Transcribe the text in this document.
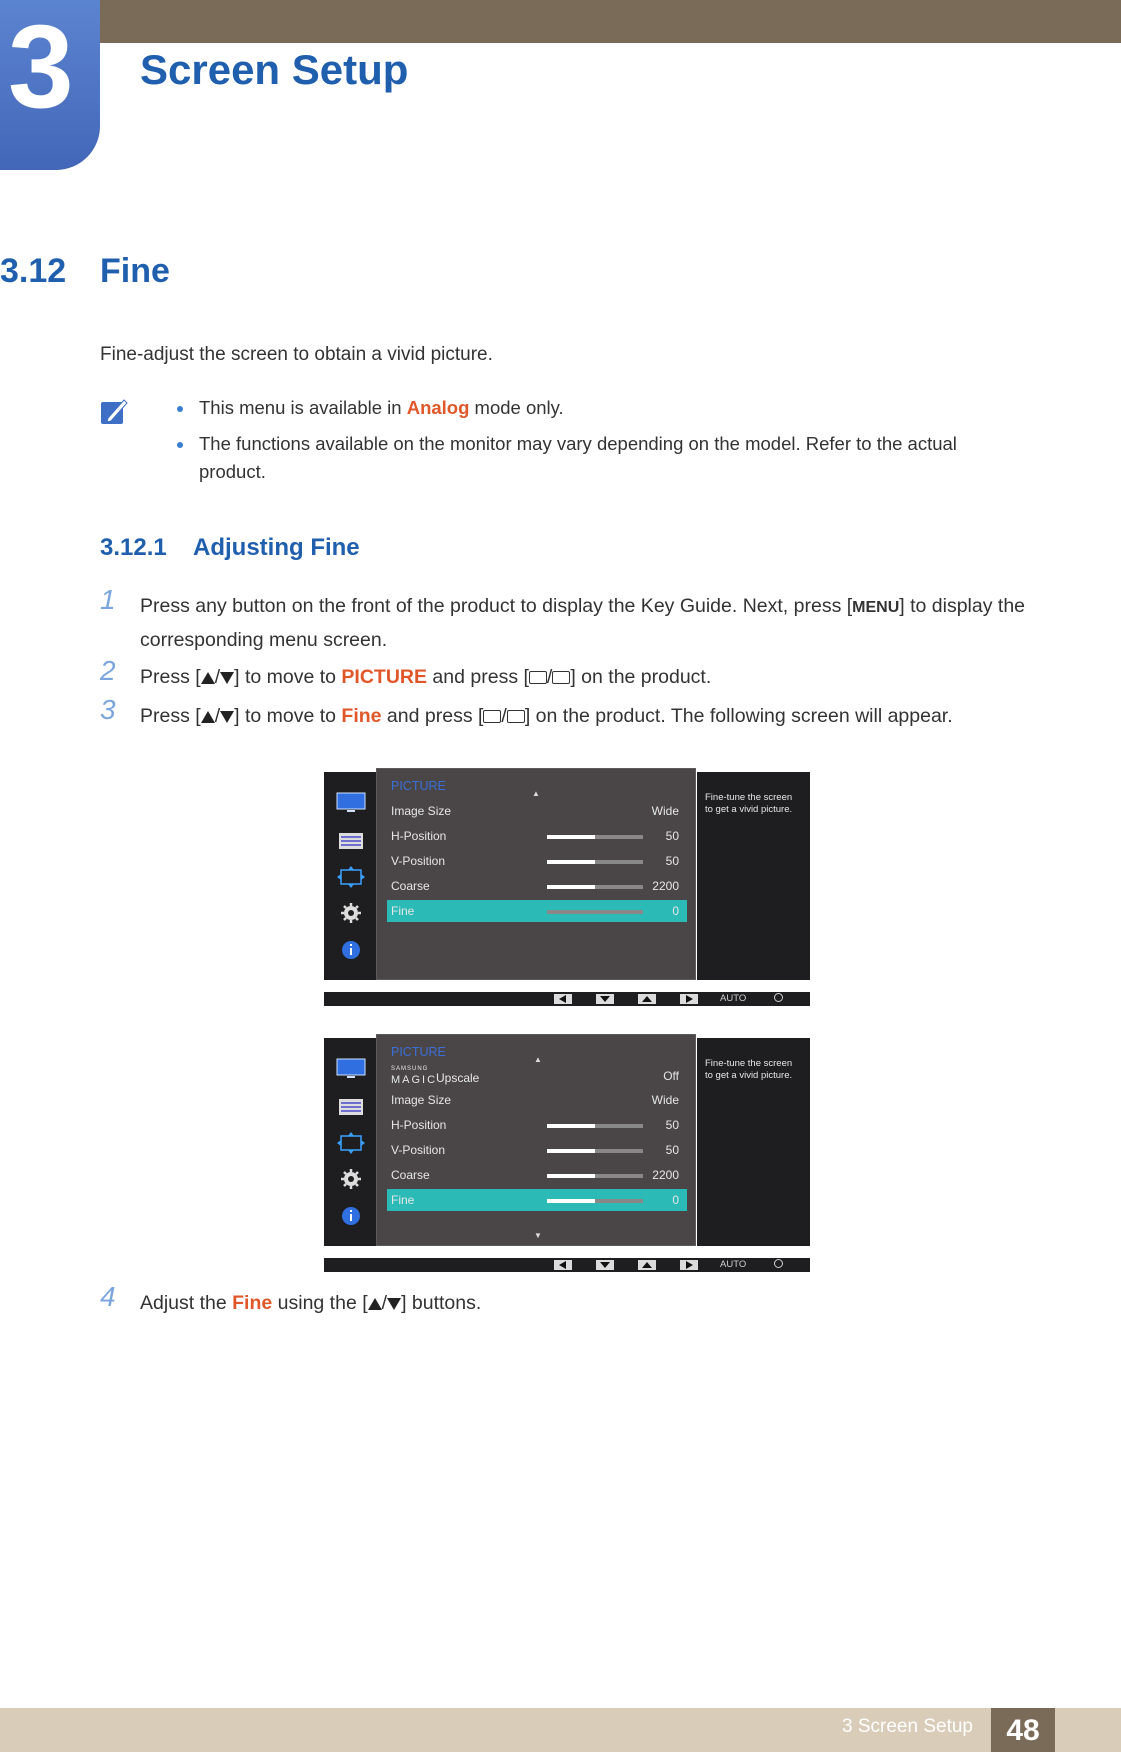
3 Screen Setup
3.12 Fine
Fine-adjust the screen to obtain a vivid picture.
This menu is available in Analog mode only.
The functions available on the monitor may vary depending on the model. Refer to the actual product.
3.12.1 Adjusting Fine
1 Press any button on the front of the product to display the Key Guide. Next, press [MENU] to display the corresponding menu screen.
2 Press [ / ] to move to PICTURE and press [ / ] on the product.
3 Press [ / ] to move to Fine and press [ / ] on the product. The following screen will appear.
PICTURE
▲
Image Size	Wide
H-Position	50
V-Position	50
Coarse	2200
Fine	0
Fine-tune the screen to get a vivid picture.
AUTO
PICTURE
▲
SAMSUNG
MAGIC
Upscale	Off
Image Size	Wide
H-Position	50
V-Position	50
Coarse	2200
Fine	0
▼
Fine-tune the screen to get a vivid picture.
AUTO
4 Adjust the Fine using the [ / ] buttons.
3 Screen Setup	48
